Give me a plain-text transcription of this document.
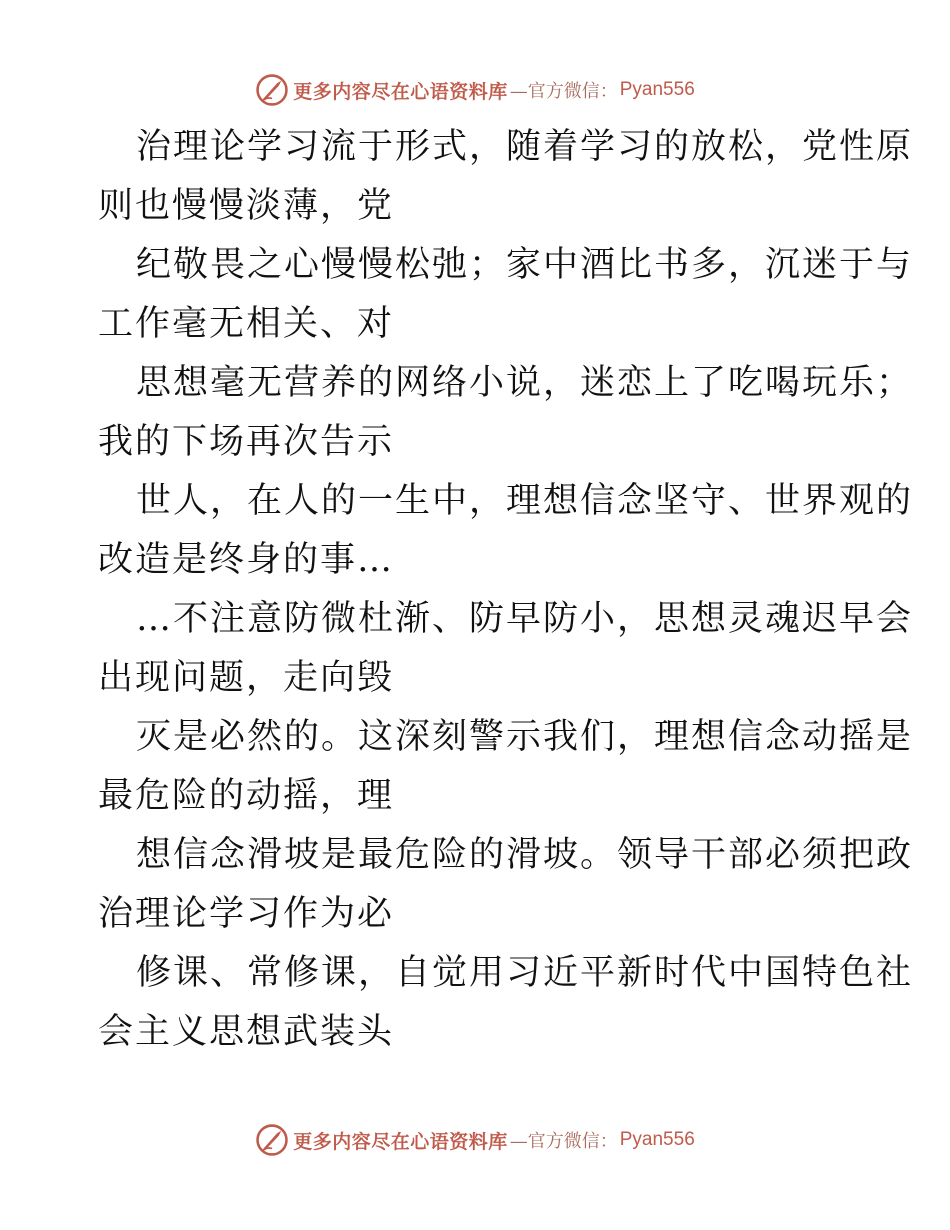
更多内容尽在心语资料库 —官方微信： Pyan556

治理论学习流于形式，随着学习的放松，党性原

则也慢慢淡薄，党

纪敬畏之心慢慢松弛；家中酒比书多，沉迷于与

工作毫无相关、对

思想毫无营养的网络小说，迷恋上了吃喝玩乐；

我的下场再次告示

世人，在人的一生中，理想信念坚守、世界观的

改造是终身的事…

…不注意防微杜渐、防早防小，思想灵魂迟早会

出现问题，走向毁

灭是必然的。这深刻警示我们，理想信念动摇是

最危险的动摇，理

想信念滑坡是最危险的滑坡。领导干部必须把政

治理论学习作为必

修课、常修课，自觉用习近平新时代中国特色社

会主义思想武装头

更多内容尽在心语资料库 —官方微信： Pyan556
